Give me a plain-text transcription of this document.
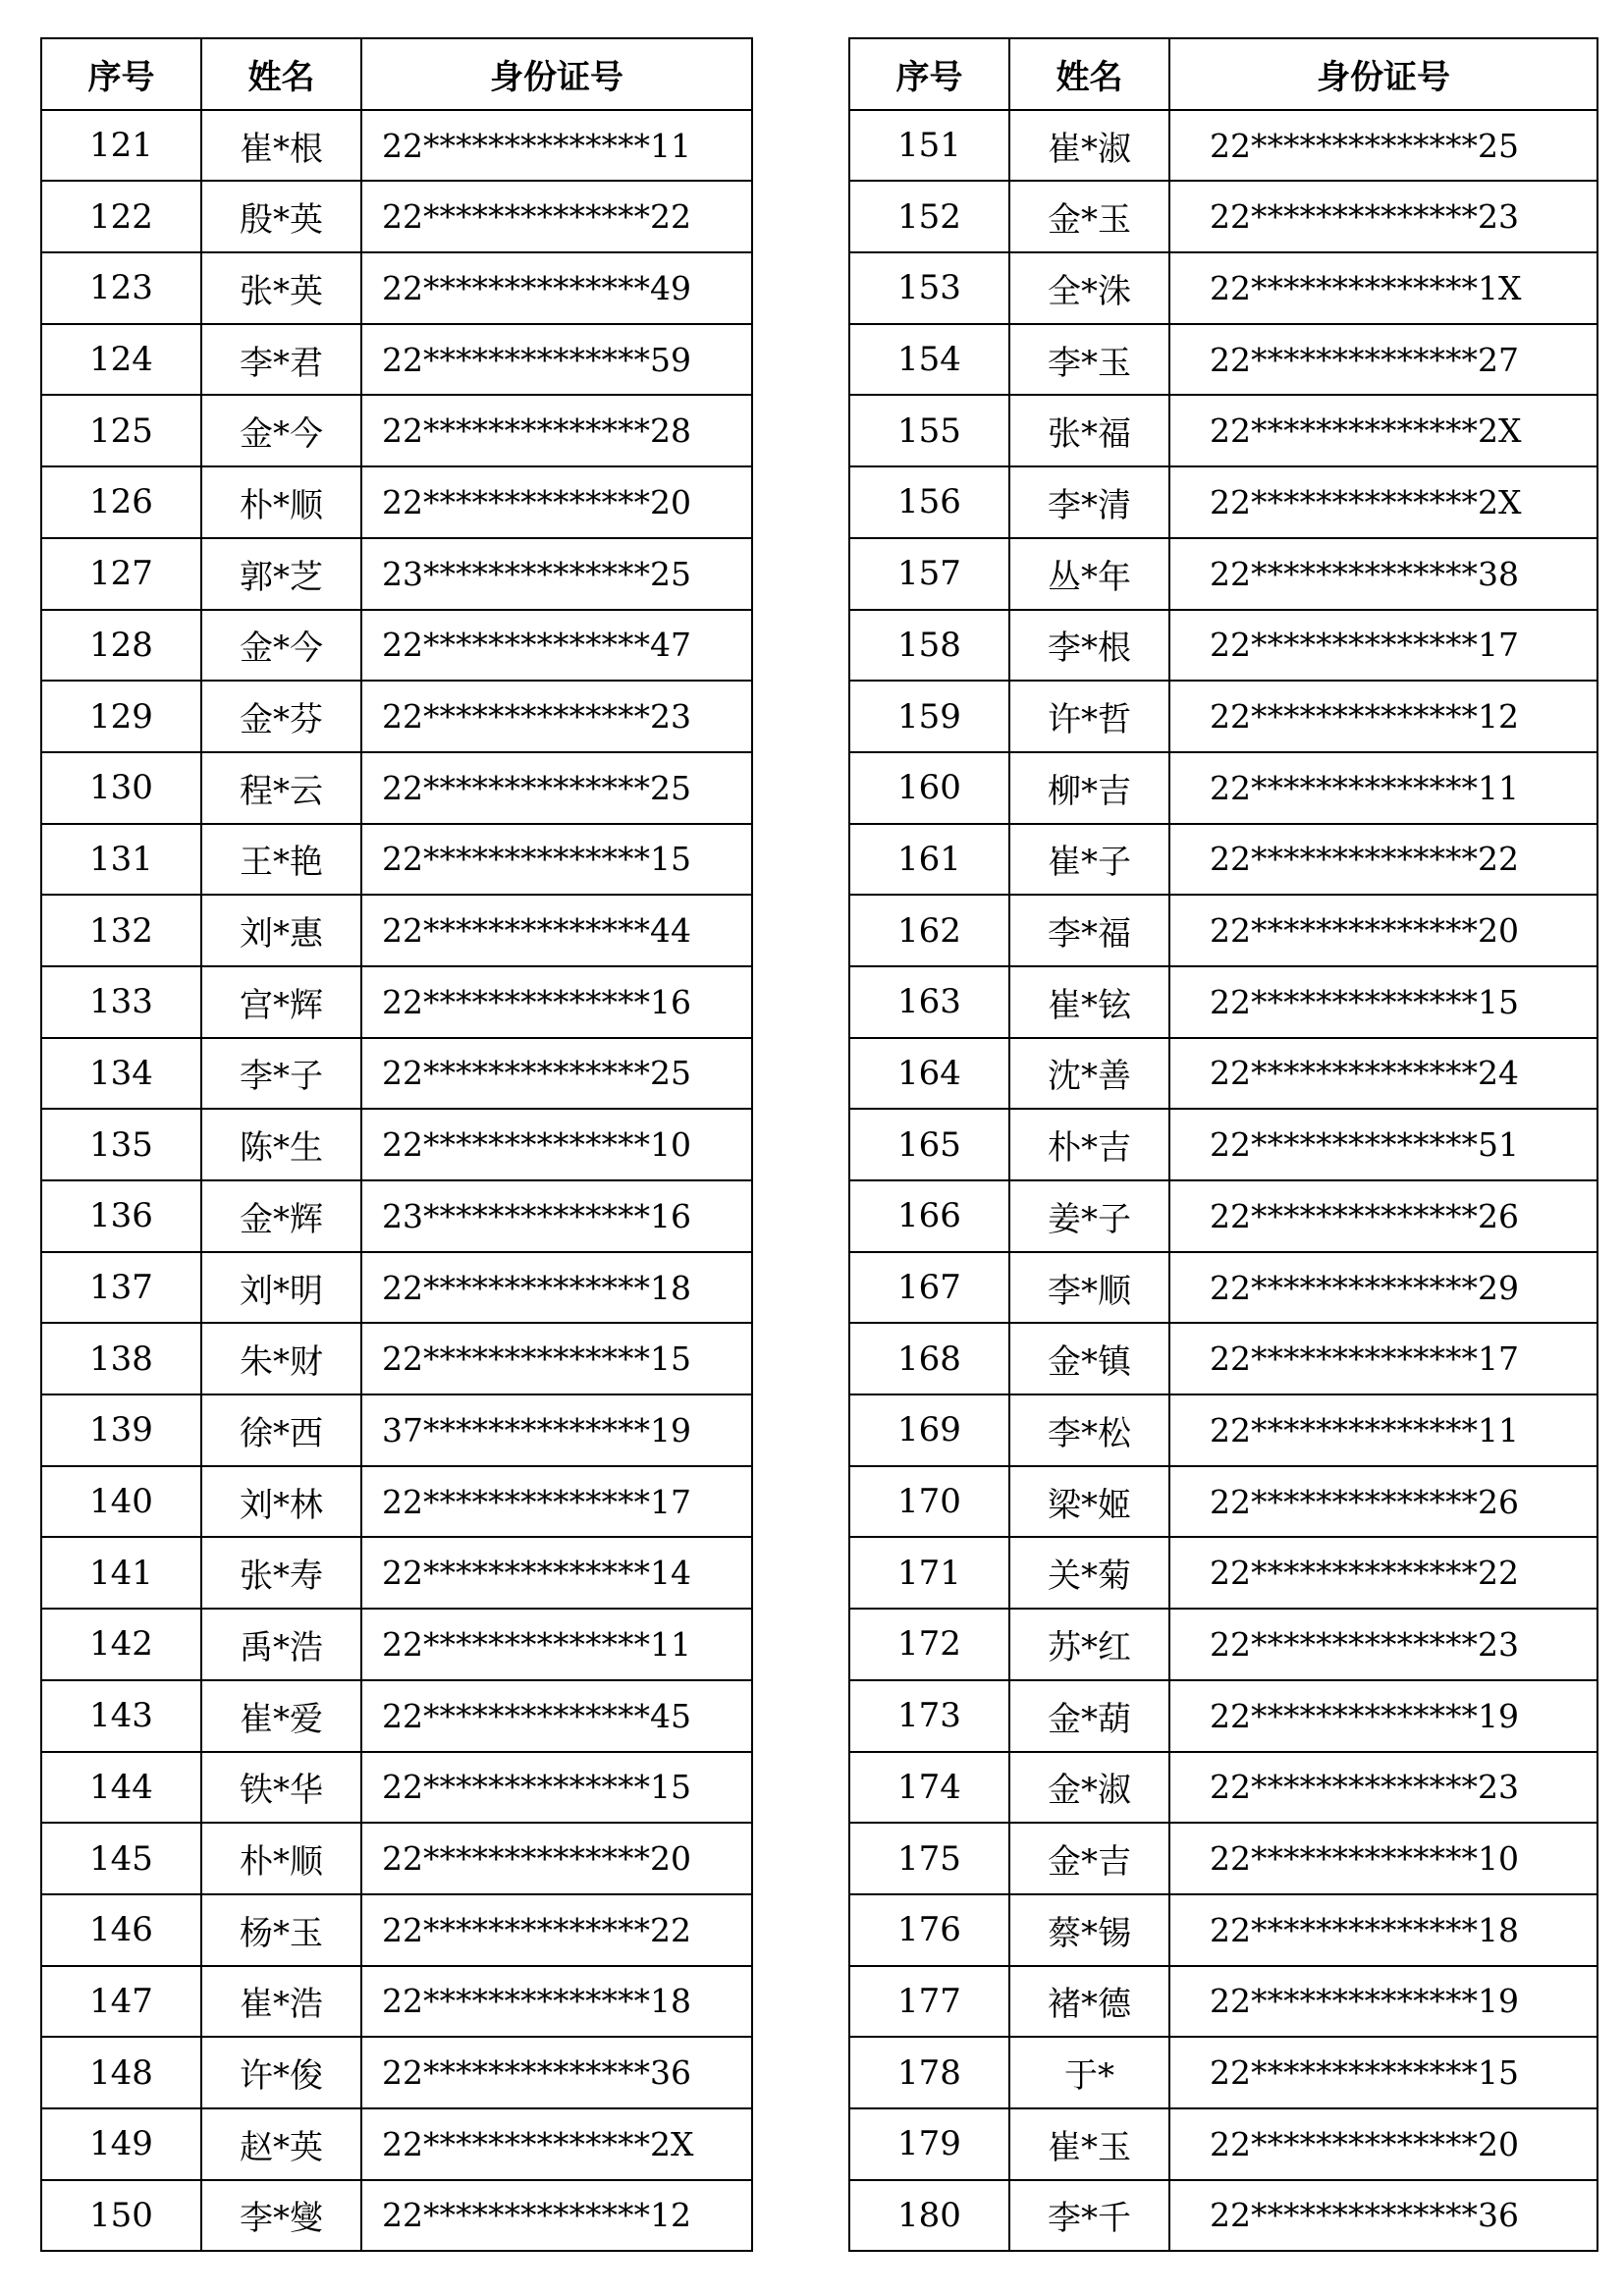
序号	姓名	身份证号
121	崔*根	22**************11
122	殷*英	22**************22
123	张*英	22**************49
124	李*君	22**************59
125	金*今	22**************28
126	朴*顺	22**************20
127	郭*芝	23**************25
128	金*今	22**************47
129	金*芬	22**************23
130	程*云	22**************25
131	王*艳	22**************15
132	刘*惠	22**************44
133	宫*辉	22**************16
134	李*子	22**************25
135	陈*生	22**************10
136	金*辉	23**************16
137	刘*明	22**************18
138	朱*财	22**************15
139	徐*西	37**************19
140	刘*林	22**************17
141	张*寿	22**************14
142	禹*浩	22**************11
143	崔*爱	22**************45
144	铁*华	22**************15
145	朴*顺	22**************20
146	杨*玉	22**************22
147	崔*浩	22**************18
148	许*俊	22**************36
149	赵*英	22**************2X
150	李*燮	22**************12
序号	姓名	身份证号
151	崔*淑	22**************25
152	金*玉	22**************23
153	全*洙	22**************1X
154	李*玉	22**************27
155	张*福	22**************2X
156	李*清	22**************2X
157	丛*年	22**************38
158	李*根	22**************17
159	许*哲	22**************12
160	柳*吉	22**************11
161	崔*子	22**************22
162	李*福	22**************20
163	崔*铉	22**************15
164	沈*善	22**************24
165	朴*吉	22**************51
166	姜*子	22**************26
167	李*顺	22**************29
168	金*镇	22**************17
169	李*松	22**************11
170	梁*姬	22**************26
171	关*菊	22**************22
172	苏*红	22**************23
173	金*葫	22**************19
174	金*淑	22**************23
175	金*吉	22**************10
176	蔡*锡	22**************18
177	褚*德	22**************19
178	于*	22**************15
179	崔*玉	22**************20
180	李*千	22**************36
